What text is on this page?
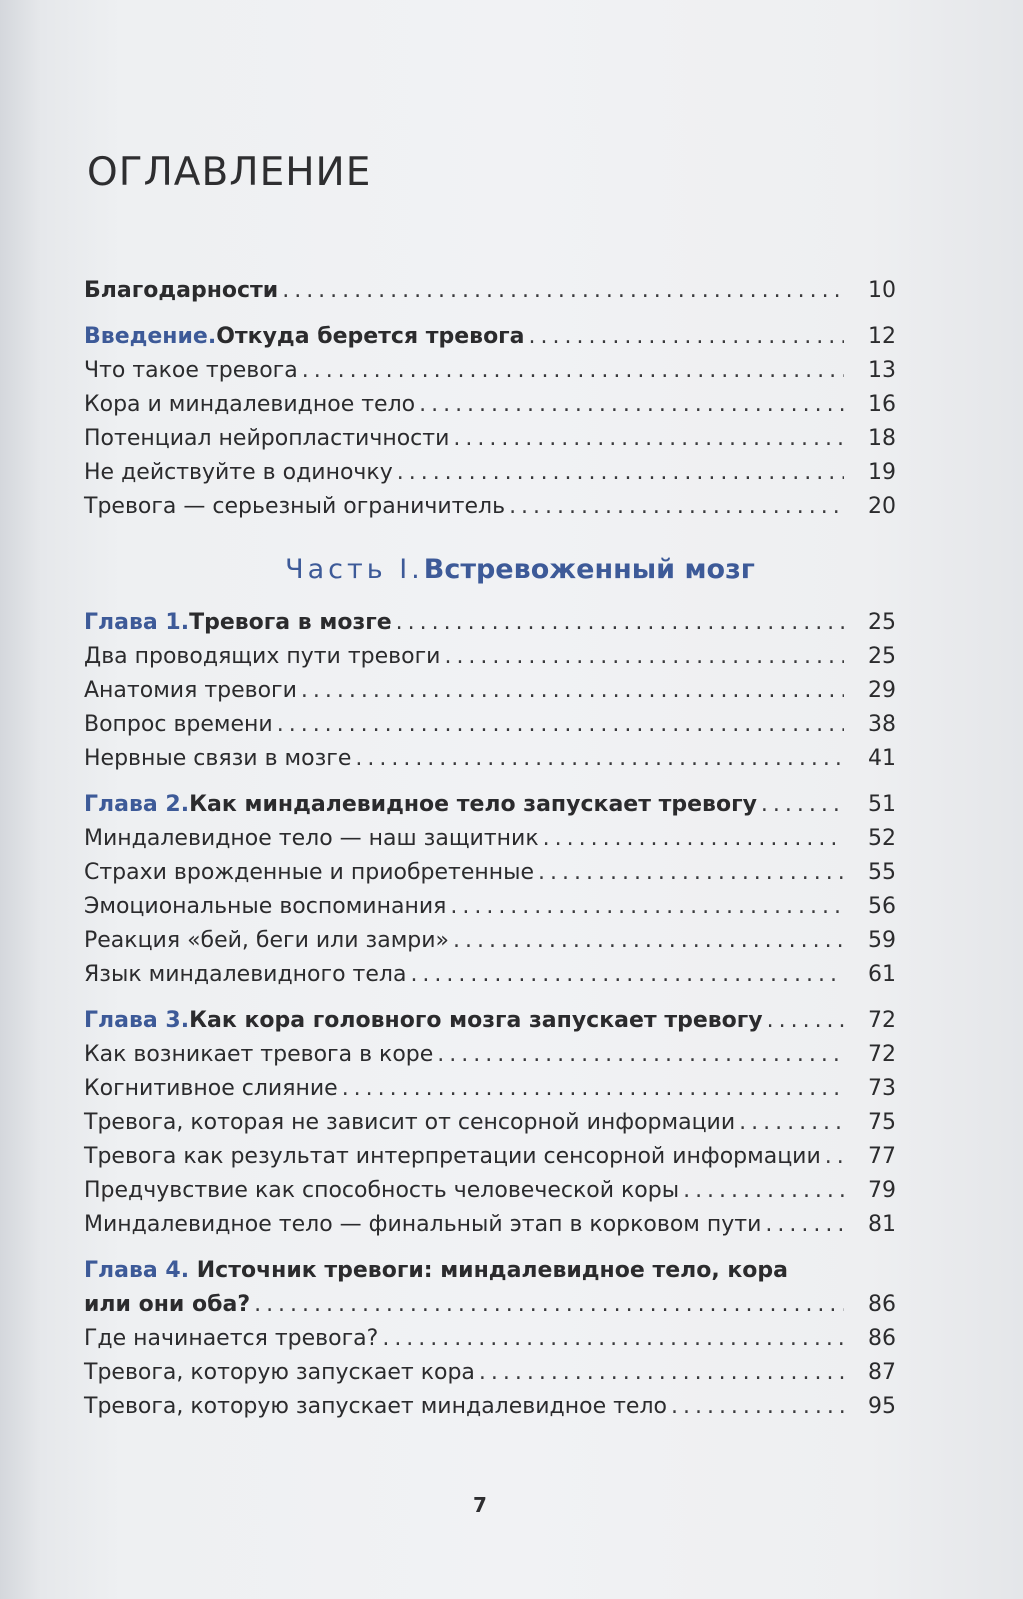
ОГЛАВЛЕНИЕ
Благодарности . . .	10
Введение. Откуда берется тревога . . .	12
Что такое тревога . . .	13
Кора и миндалевидное тело . . .	16
Потенциал нейропластичности . . .	18
Не действуйте в одиночку . . .	19
Тревога — серьезный ограничитель . . .	20
Часть I. Встревоженный мозг
Глава 1. Тревога в мозге . . .	25
Два проводящих пути тревоги . . .	25
Анатомия тревоги . . .	29
Вопрос времени . . .	38
Нервные связи в мозге . . .	41
Глава 2. Как миндалевидное тело запускает тревогу . . .	51
Миндалевидное тело — наш защитник . . .	52
Страхи врожденные и приобретенные . . .	55
Эмоциональные воспоминания . . .	56
Реакция «бей, беги или замри» . . .	59
Язык миндалевидного тела . . .	61
Глава 3. Как кора головного мозга запускает тревогу . . .	72
Как возникает тревога в коре . . .	72
Когнитивное слияние . . .	73
Тревога, которая не зависит от сенсорной информации . . .	75
Тревога как результат интерпретации сенсорной информации . . .	77
Предчувствие как способность человеческой коры . . .	79
Миндалевидное тело — финальный этап в корковом пути . . .	81
Глава 4. Источник тревоги: миндалевидное тело, кора
или они оба? . . .	86
Где начинается тревога? . . .	86
Тревога, которую запускает кора . . .	87
Тревога, которую запускает миндалевидное тело . . .	95
7
